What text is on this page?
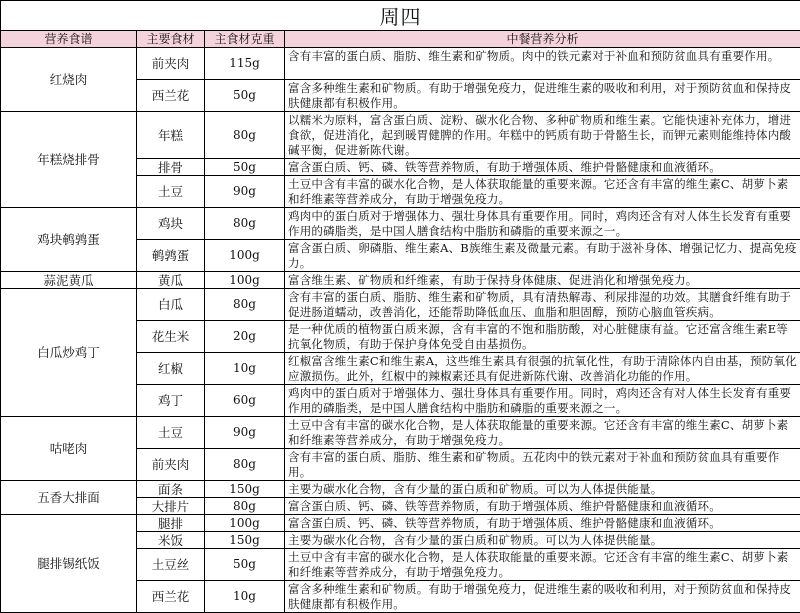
周四			
营养食谱	主要食材	主食材克重	中餐营养分析
红烧肉	前夹肉	115g	含有丰富的蛋白质、脂肪、维生素和矿物质。肉中的铁元素对于补血和预防贫血具有重要作用。
	西兰花	50g	富含多种维生素和矿物质。有助于增强免疫力，促进维生素的吸收和利用，对于预防贫血和保持皮肤健康都有积极作用。
年糕烧排骨	年糕	80g	以糯米为原料，富含蛋白质、淀粉、碳水化合物、多种矿物质和维生素。它能快速补充体力，增进食欲，促进消化，起到暖胃健脾的作用。年糕中的钙质有助于骨骼生长，而钾元素则能维持体内酸碱平衡，促进新陈代谢。
	排骨	50g	富含蛋白质、钙、磷、铁等营养物质，有助于增强体质、维护骨骼健康和血液循环。
	土豆	90g	土豆中含有丰富的碳水化合物，是人体获取能量的重要来源。它还含有丰富的维生素C、胡萝卜素和纤维素等营养成分，有助于增强免疫力。
鸡块鹌鹑蛋	鸡块	80g	鸡肉中的蛋白质对于增强体力、强壮身体具有重要作用。同时，鸡肉还含有对人体生长发育有重要作用的磷脂类，是中国人膳食结构中脂肪和磷脂的重要来源之一。
	鹌鹑蛋	100g	富含蛋白质、卵磷脂、维生素A、B族维生素及微量元素。有助于滋补身体、增强记忆力、提高免疫力。
蒜泥黄瓜	黄瓜	100g	富含维生素、矿物质和纤维素，有助于保持身体健康、促进消化和增强免疫力。
白瓜炒鸡丁	白瓜	80g	含有丰富的蛋白质、脂肪、维生素和矿物质，具有清热解毒、利尿排湿的功效。其膳食纤维有助于促进肠道蠕动，改善消化，还能帮助降低血压、血脂和胆固醇，预防心脑血管疾病。
	花生米	20g	是一种优质的植物蛋白质来源，含有丰富的不饱和脂肪酸，对心脏健康有益。它还富含维生素E等抗氧化物质，有助于保护身体免受自由基损伤。
	红椒	10g	红椒富含维生素C和维生素A，这些维生素具有很强的抗氧化性，有助于清除体内自由基，预防氧化应激损伤。此外，红椒中的辣椒素还具有促进新陈代谢、改善消化功能的作用。
	鸡丁	60g	鸡肉中的蛋白质对于增强体力、强壮身体具有重要作用。同时，鸡肉还含有对人体生长发育有重要作用的磷脂类，是中国人膳食结构中脂肪和磷脂的重要来源之一。
咕咾肉	土豆	90g	土豆中含有丰富的碳水化合物，是人体获取能量的重要来源。它还含有丰富的维生素C、胡萝卜素和纤维素等营养成分，有助于增强免疫力。
	前夹肉	80g	含有丰富的蛋白质、脂肪、维生素和矿物质。五花肉中的铁元素对于补血和预防贫血具有重要作用。
五香大排面	面条	150g	主要为碳水化合物，含有少量的蛋白质和矿物质。可以为人体提供能量。
	大排片	80g	富含蛋白质、钙、磷、铁等营养物质，有助于增强体质、维护骨骼健康和血液循环。
腿排锡纸饭	腿排	100g	富含蛋白质、钙、磷、铁等营养物质，有助于增强体质、维护骨骼健康和血液循环。
	米饭	150g	主要为碳水化合物，含有少量的蛋白质和矿物质。可以为人体提供能量。
	土豆丝	50g	土豆中含有丰富的碳水化合物，是人体获取能量的重要来源。它还含有丰富的维生素C、胡萝卜素和纤维素等营养成分，有助于增强免疫力。
	西兰花	10g	富含多种维生素和矿物质。有助于增强免疫力，促进维生素的吸收和利用，对于预防贫血和保持皮肤健康都有积极作用。
